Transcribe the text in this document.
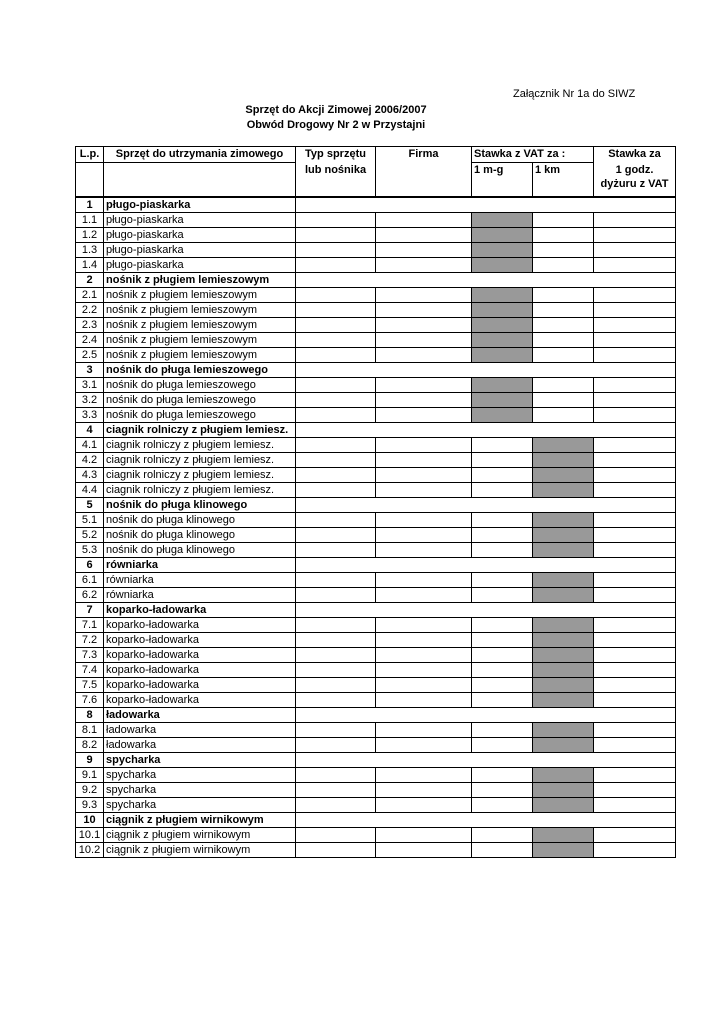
Załącznik Nr 1a do SIWZ
Sprzęt do Akcji Zimowej 2006/2007
Obwód Drogowy Nr 2 w Przystajni
L.p.	Sprzęt do utrzymania zimowego	Typ sprzętu	Firma	Stawka z VAT za :		Stawka za
		lub nośnika		1 m-g	1 km	1 godz.
						dyżuru z VAT

1	pługo-piaskarka					
1.1	pługo-piaskarka					
1.2	pługo-piaskarka					
1.3	pługo-piaskarka					
1.4	pługo-piaskarka					
2	nośnik z pługiem lemieszowym					
2.1	nośnik z pługiem lemieszowym					
2.2	nośnik z pługiem lemieszowym					
2.3	nośnik z pługiem lemieszowym					
2.4	nośnik z pługiem lemieszowym					
2.5	nośnik z pługiem lemieszowym					
3	nośnik do pługa lemieszowego					
3.1	nośnik do pługa lemieszowego					
3.2	nośnik do pługa lemieszowego					
3.3	nośnik do pługa lemieszowego					
4	ciagnik rolniczy z pługiem lemiesz.					
4.1	ciagnik rolniczy z pługiem lemiesz.					
4.2	ciagnik rolniczy z pługiem lemiesz.					
4.3	ciagnik rolniczy z pługiem lemiesz.					
4.4	ciagnik rolniczy z pługiem lemiesz.					
5	nośnik do pługa klinowego					
5.1	nośnik do pługa klinowego					
5.2	nośnik do pługa klinowego					
5.3	nośnik do pługa klinowego					
6	równiarka					
6.1	równiarka					
6.2	równiarka					
7	koparko-ładowarka					
7.1	koparko-ładowarka					
7.2	koparko-ładowarka					
7.3	koparko-ładowarka					
7.4	koparko-ładowarka					
7.5	koparko-ładowarka					
7.6	koparko-ładowarka					
8	ładowarka					
8.1	ładowarka					
8.2	ładowarka					
9	spycharka					
9.1	spycharka					
9.2	spycharka					
9.3	spycharka					
10	ciągnik z pługiem wirnikowym					
10.1	ciągnik z pługiem wirnikowym					
10.2	ciągnik z pługiem wirnikowym					
